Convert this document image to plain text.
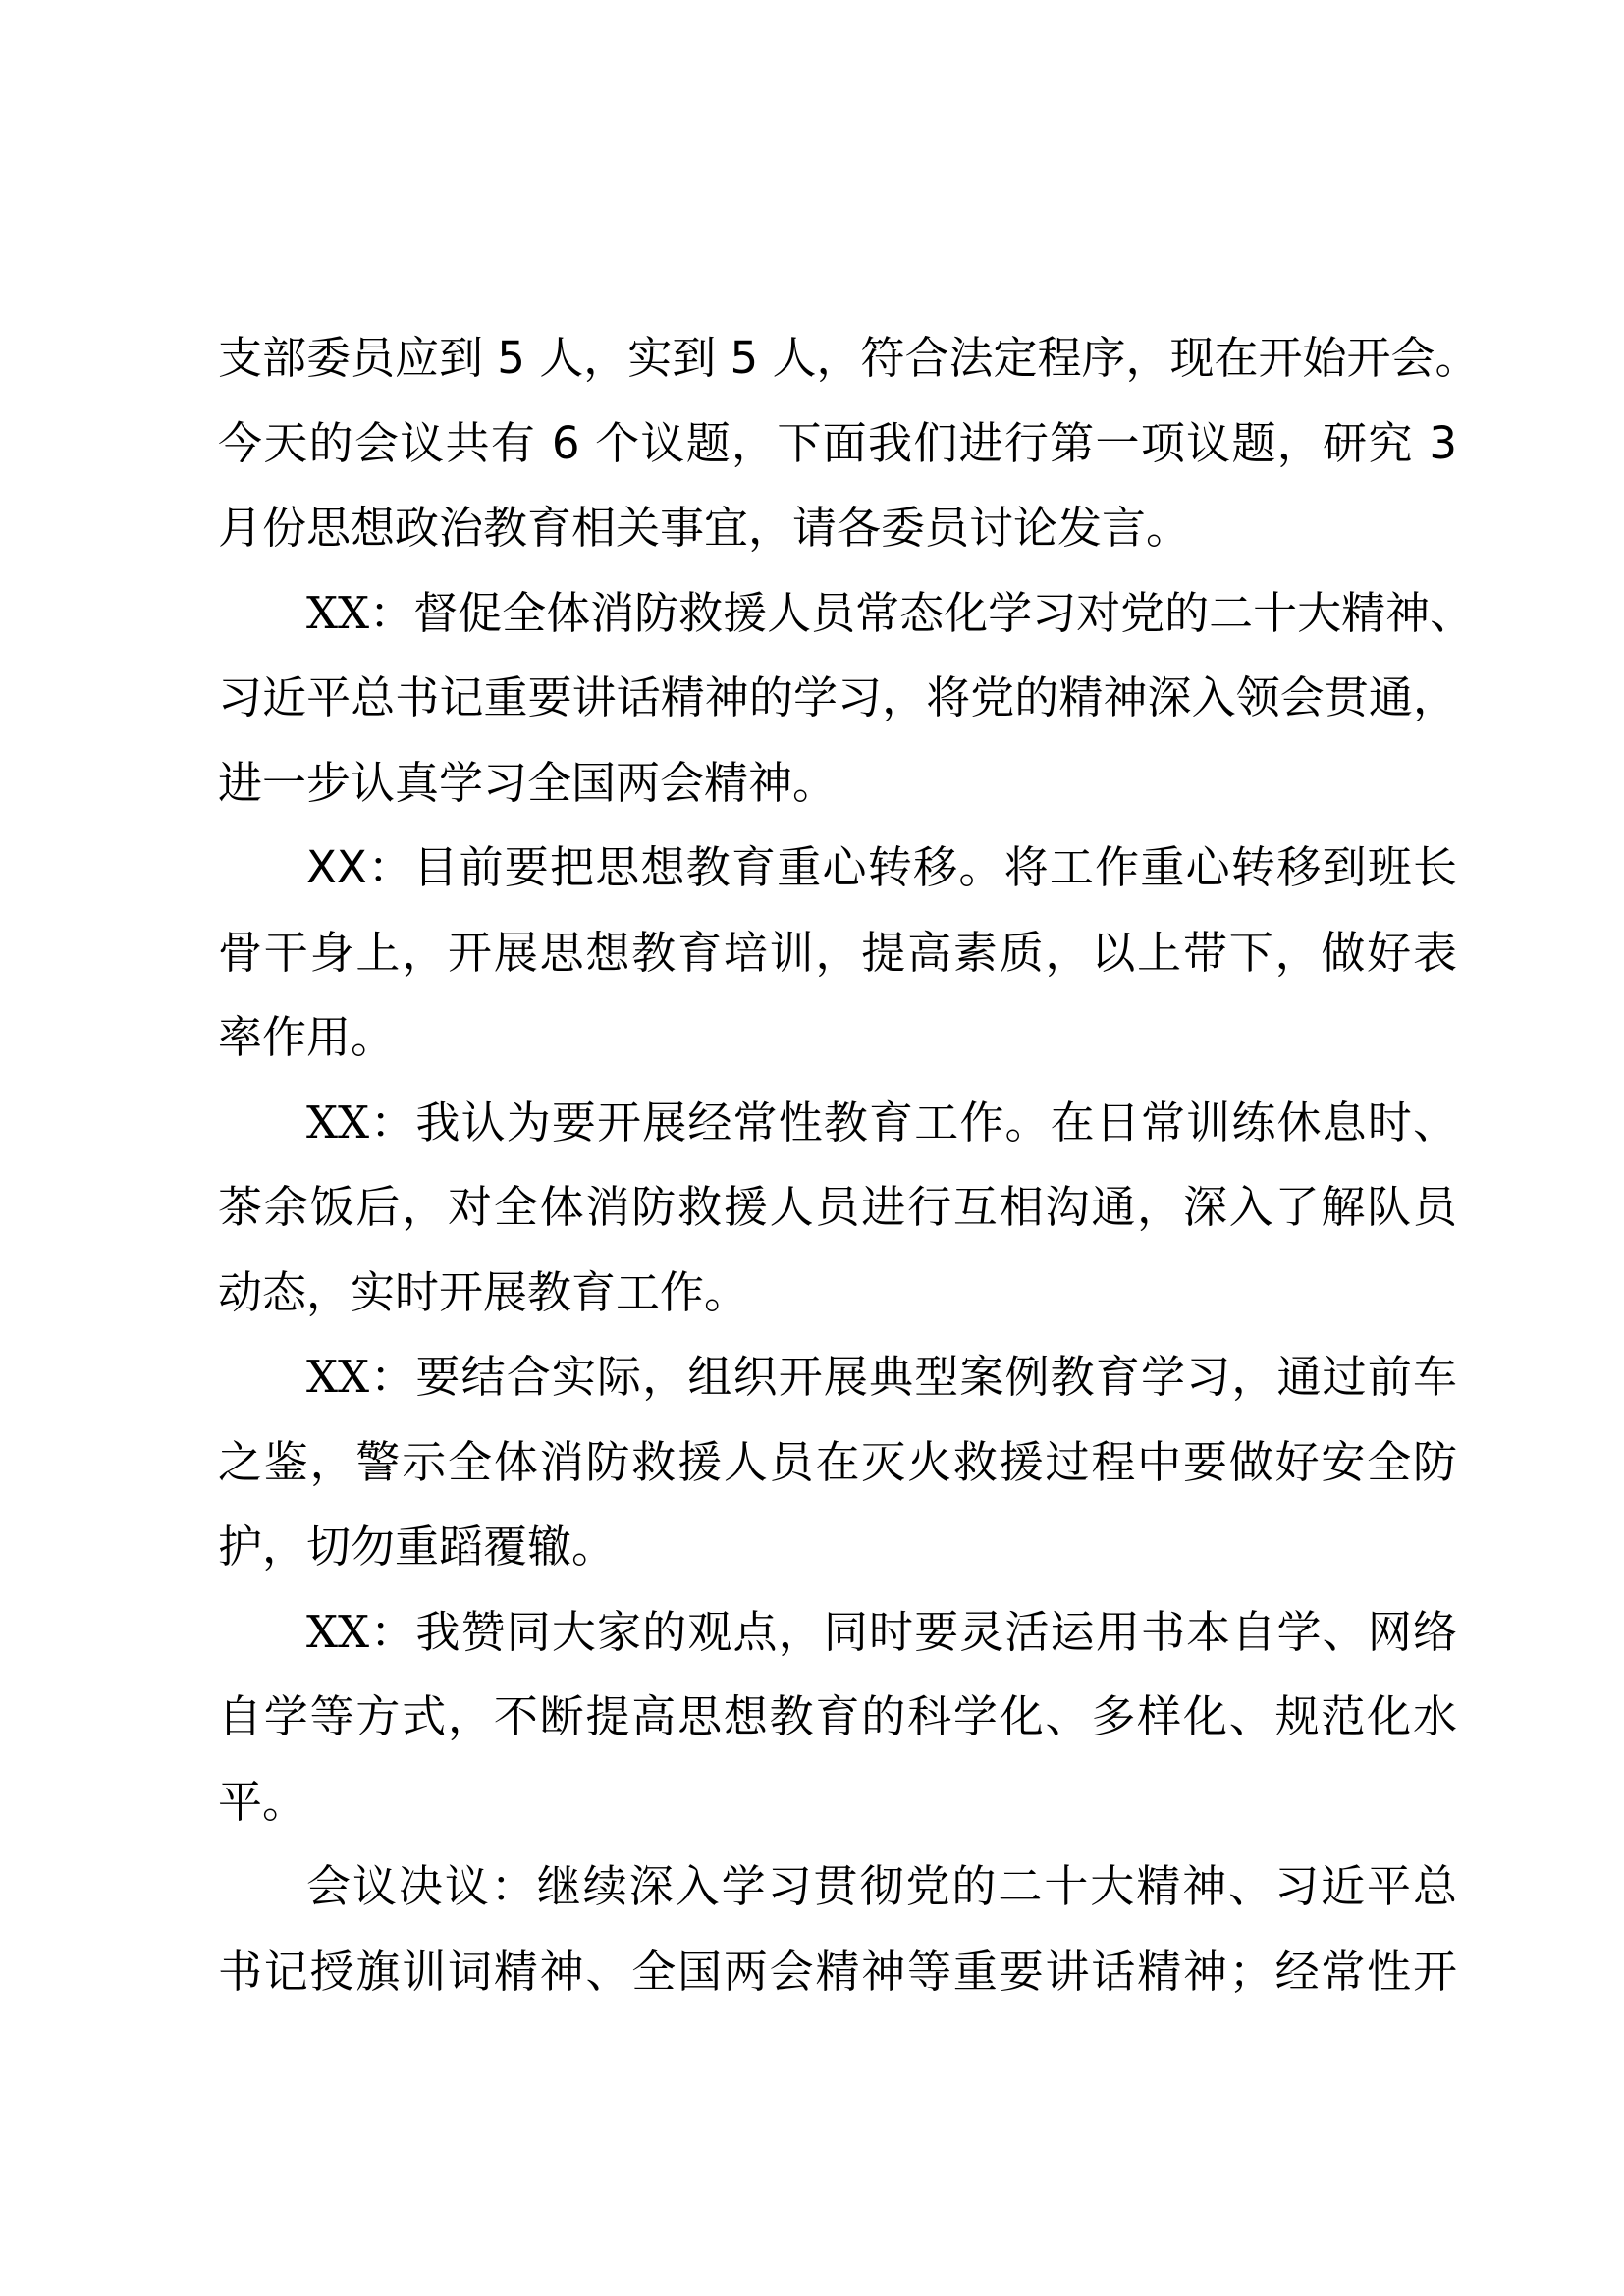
支部委员应到 5 人，实到 5 人，符合法定程序，现在开始开会。
今天的会议共有 6 个议题，下面我们进行第一项议题，研究 3
月份思想政治教育相关事宜，请各委员讨论发言。
XX：督促全体消防救援人员常态化学习对党的二十大精神、
习近平总书记重要讲话精神的学习，将党的精神深入领会贯通，
进一步认真学习全国两会精神。
XX：目前要把思想教育重心转移。将工作重心转移到班长
骨干身上，开展思想教育培训，提高素质，以上带下，做好表
率作用。
XX：我认为要开展经常性教育工作。在日常训练休息时、
茶余饭后，对全体消防救援人员进行互相沟通，深入了解队员
动态，实时开展教育工作。
XX：要结合实际，组织开展典型案例教育学习，通过前车
之鉴，警示全体消防救援人员在灭火救援过程中要做好安全防
护，切勿重蹈覆辙。
XX：我赞同大家的观点，同时要灵活运用书本自学、网络
自学等方式，不断提高思想教育的科学化、多样化、规范化水
平。
会议决议：继续深入学习贯彻党的二十大精神、习近平总
书记授旗训词精神、全国两会精神等重要讲话精神；经常性开
